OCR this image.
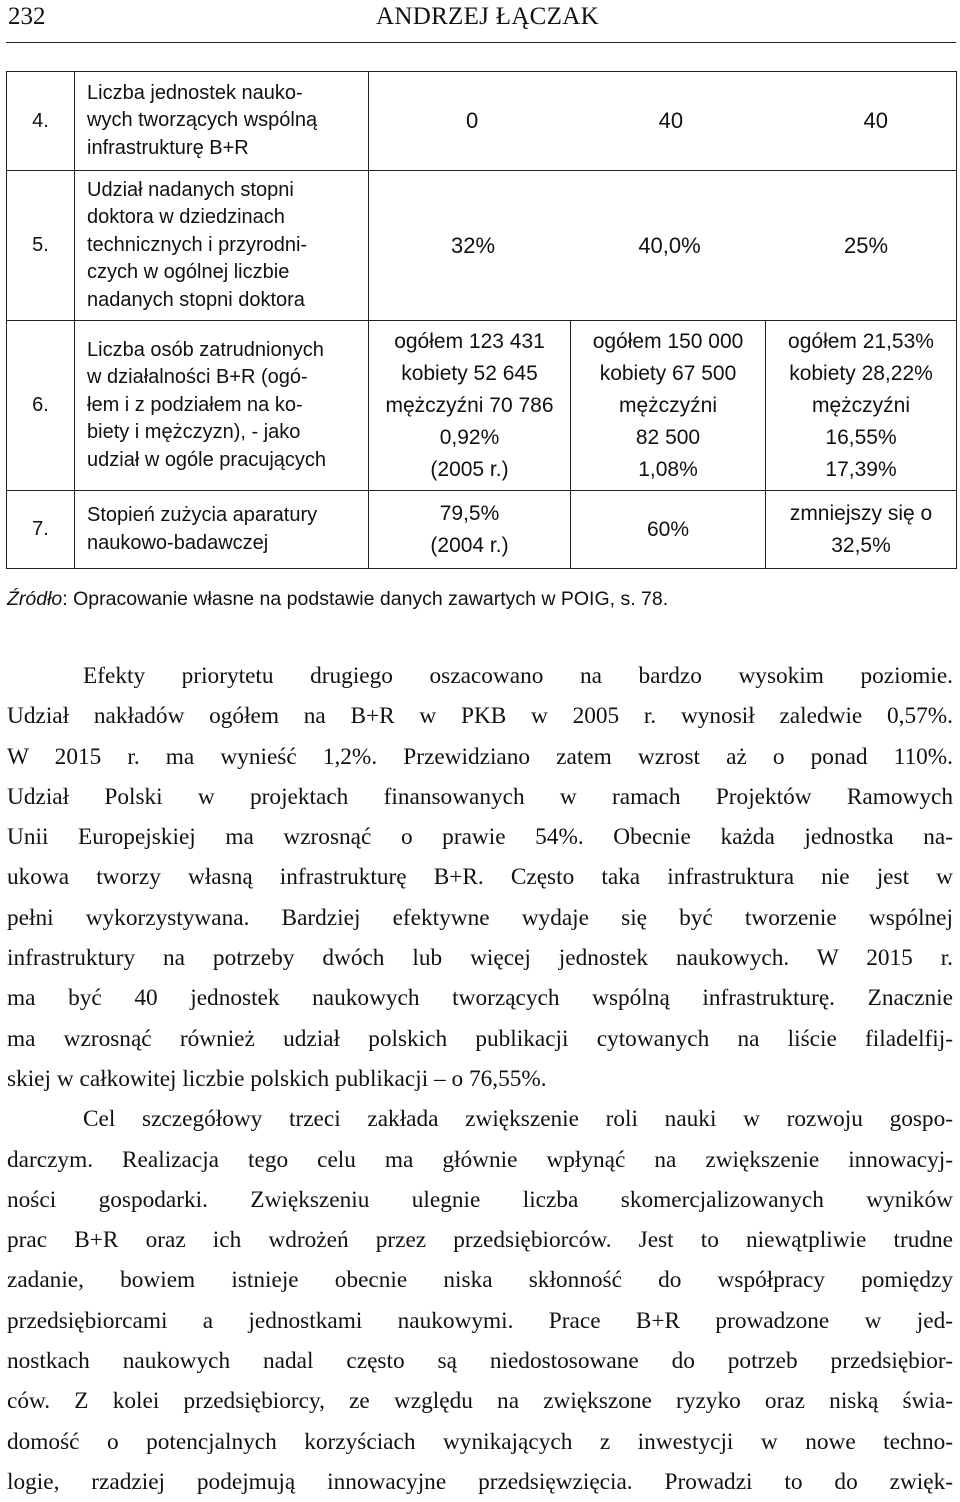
232	ANDRZEJ ŁĄCZAK
4.	Liczba jednostek nauko-
wych tworzących wspólną
infrastrukturę B+R	0 40 40		

5.	Udział nadanych stopni
doktora w dziedzinach
technicznych i przyrodni-
czych w ogólnej liczbie
nadanych stopni doktora	32% 40,0% 25%		

6.	Liczba osób zatrudnionych
w działalności B+R (ogó-
łem i z podziałem na ko-
biety i mężczyzn), - jako
udział w ogóle pracujących	ogółem 123 431
kobiety 52 645
mężczyźni 70 786
0,92%
(2005 r.)	ogółem 150 000
kobiety 67 500
mężczyźni
82 500
1,08%	ogółem 21,53%
kobiety 28,22%
mężczyźni
16,55%
17,39%

7.	Stopień zużycia aparatury
naukowo-badawczej	79,5%
(2004 r.)	60%	zmniejszy się o
32,5%
Źródło: Opracowanie własne na podstawie danych zawartych w POIG, s. 78.
Efekty priorytetu drugiego oszacowano na bardzo wysokim poziomie.
Udział nakładów ogółem na B+R w PKB w 2005 r. wynosił zaledwie 0,57%.
W 2015 r. ma wynieść 1,2%. Przewidziano zatem wzrost aż o ponad 110%.
Udział Polski w projektach finansowanych w ramach Projektów Ramowych
Unii Europejskiej ma wzrosnąć o prawie 54%. Obecnie każda jednostka na-
ukowa tworzy własną infrastrukturę B+R. Często taka infrastruktura nie jest w
pełni wykorzystywana. Bardziej efektywne wydaje się być tworzenie wspólnej
infrastruktury na potrzeby dwóch lub więcej jednostek naukowych. W 2015 r.
ma być 40 jednostek naukowych tworzących wspólną infrastrukturę. Znacznie
ma wzrosnąć również udział polskich publikacji cytowanych na liście filadelfij-
skiej w całkowitej liczbie polskich publikacji – o 76,55%.
Cel szczegółowy trzeci zakłada zwiększenie roli nauki w rozwoju gospo-
darczym. Realizacja tego celu ma głównie wpłynąć na zwiększenie innowacyj-
ności gospodarki. Zwiększeniu ulegnie liczba skomercjalizowanych wyników
prac B+R oraz ich wdrożeń przez przedsiębiorców. Jest to niewątpliwie trudne
zadanie, bowiem istnieje obecnie niska skłonność do współpracy pomiędzy
przedsiębiorcami a jednostkami naukowymi. Prace B+R prowadzone w jed-
nostkach naukowych nadal często są niedostosowane do potrzeb przedsiębior-
ców. Z kolei przedsiębiorcy, ze względu na zwiększone ryzyko oraz niską świa-
domość o potencjalnych korzyściach wynikających z inwestycji w nowe techno-
logie, rzadziej podejmują innowacyjne przedsięwzięcia. Prowadzi to do zwięk-
